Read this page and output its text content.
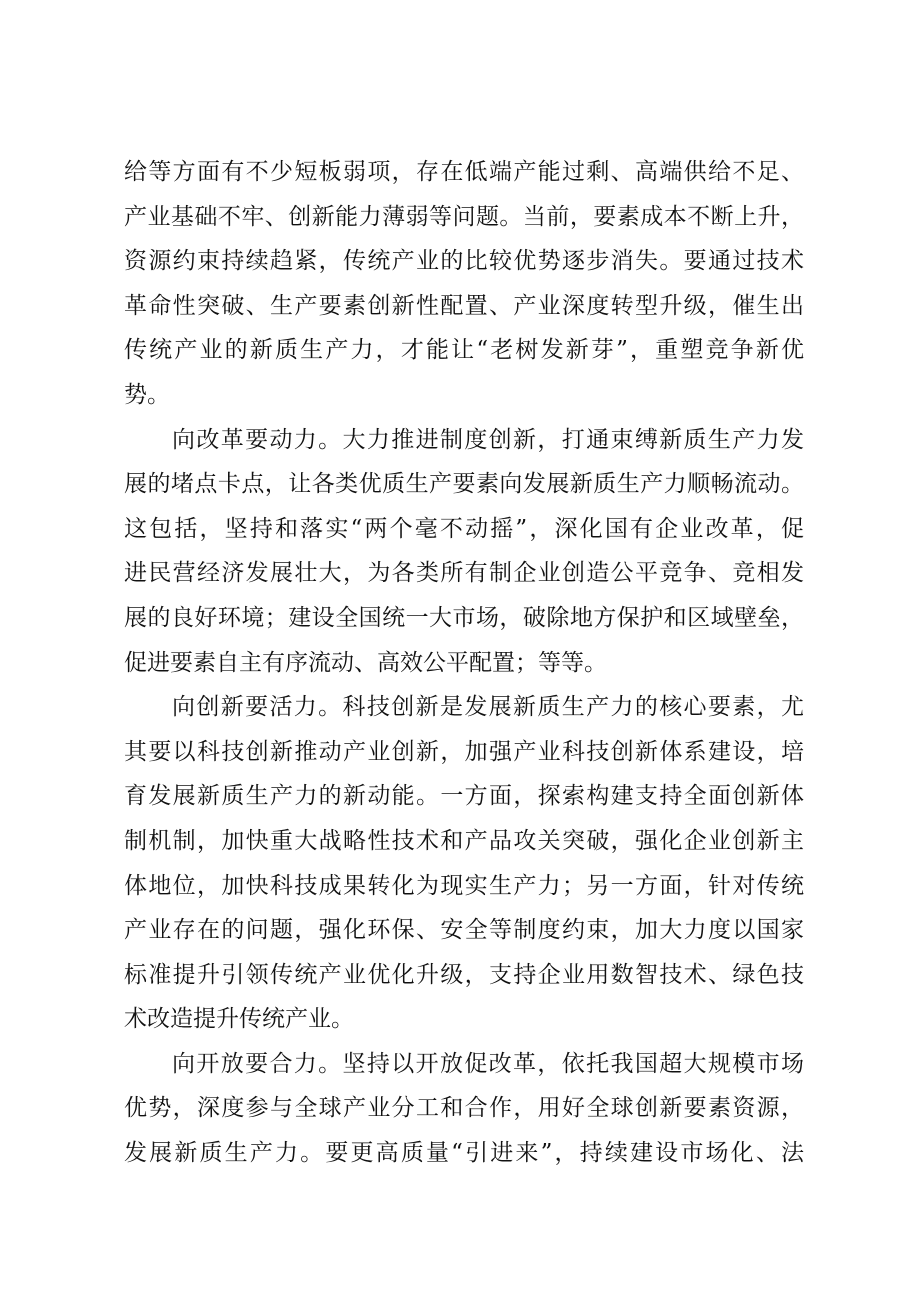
给等方面有不少短板弱项，存在低端产能过剩、高端供给不足、
产业基础不牢、创新能力薄弱等问题。当前，要素成本不断上升，
资源约束持续趋紧，传统产业的比较优势逐步消失。要通过技术
革命性突破、生产要素创新性配置、产业深度转型升级，催生出
传统产业的新质生产力，才能让“老树发新芽”，重塑竞争新优
势。
向改革要动力。大力推进制度创新，打通束缚新质生产力发
展的堵点卡点，让各类优质生产要素向发展新质生产力顺畅流动。
这包括，坚持和落实“两个毫不动摇”，深化国有企业改革，促
进民营经济发展壮大，为各类所有制企业创造公平竞争、竞相发
展的良好环境；建设全国统一大市场，破除地方保护和区域壁垒，
促进要素自主有序流动、高效公平配置；等等。
向创新要活力。科技创新是发展新质生产力的核心要素，尤
其要以科技创新推动产业创新，加强产业科技创新体系建设，培
育发展新质生产力的新动能。一方面，探索构建支持全面创新体
制机制，加快重大战略性技术和产品攻关突破，强化企业创新主
体地位，加快科技成果转化为现实生产力；另一方面，针对传统
产业存在的问题，强化环保、安全等制度约束，加大力度以国家
标准提升引领传统产业优化升级，支持企业用数智技术、绿色技
术改造提升传统产业。
向开放要合力。坚持以开放促改革，依托我国超大规模市场
优势，深度参与全球产业分工和合作，用好全球创新要素资源，
发展新质生产力。要更高质量“引进来”，持续建设市场化、法
